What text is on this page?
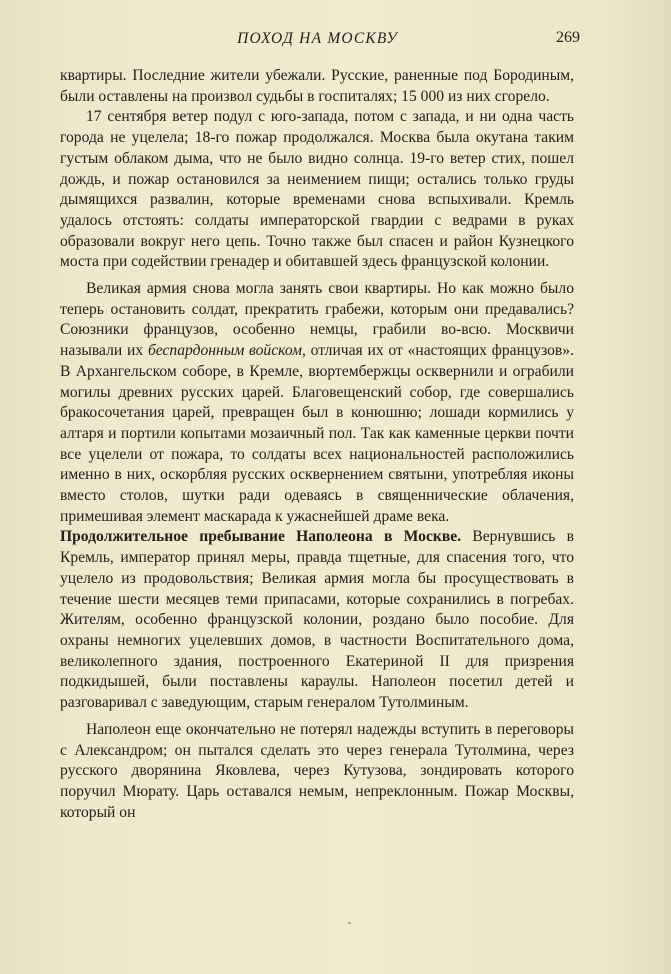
ПОХОД НА МОСКВУ	269

квартиры. Последние жители убежали. Русские, раненные под Бородиным, были оставлены на произвол судьбы в госпиталях; 15 000 из них сгорело.

17 сентября ветер подул с юго-запада, потом с запада, и ни одна часть города не уцелела; 18-го пожар продолжался. Москва была окутана таким густым облаком дыма, что не было видно солнца. 19-го ветер стих, пошел дождь, и пожар остановился за неимением пищи; остались только груды дымящихся развалин, которые временами снова вспыхивали. Кремль удалось отстоять: солдаты императорской гвардии с ведрами в руках образовали вокруг него цепь. Точно также был спасен и район Кузнецкого моста при содействии гренадер и обитавшей здесь французской колонии.

Великая армия снова могла занять свои квартиры. Но как можно было теперь остановить солдат, прекратить грабежи, которым они предавались? Союзники французов, особенно немцы, грабили во-всю. Москвичи называли их беспардонным войском, отличая их от «настоящих французов». В Архангельском соборе, в Кремле, вюртембержцы осквернили и ограбили могилы древних русских царей. Благовещенский собор, где совершались бракосочетания царей, превращен был в конюшню; лошади кормились у алтаря и портили копытами мозаичный пол. Так как каменные церкви почти все уцелели от пожара, то солдаты всех национальностей расположились именно в них, оскорбляя русских осквернением святыни, употребляя иконы вместо столов, шутки ради одеваясь в священнические облачения, примешивая элемент маскарада к ужаснейшей драме века.

Продолжительное пребывание Наполеона в Москве. Вернувшись в Кремль, император принял меры, правда тщетные, для спасения того, что уцелело из продовольствия; Великая армия могла бы просуществовать в течение шести месяцев теми припасами, которые сохранились в погребах. Жителям, особенно французской колонии, роздано было пособие. Для охраны немногих уцелевших домов, в частности Воспитательного дома, великолепного здания, построенного Екатериной II для призрения подкидышей, были поставлены караулы. Наполеон посетил детей и разговаривал с заведующим, старым генералом Тутолминым.

Наполеон еще окончательно не потерял надежды вступить в переговоры с Александром; он пытался сделать это через генерала Тутолмина, через русского дворянина Яковлева, через Кутузова, зондировать которого поручил Мюрату. Царь оставался немым, непреклонным. Пожар Москвы, который он
